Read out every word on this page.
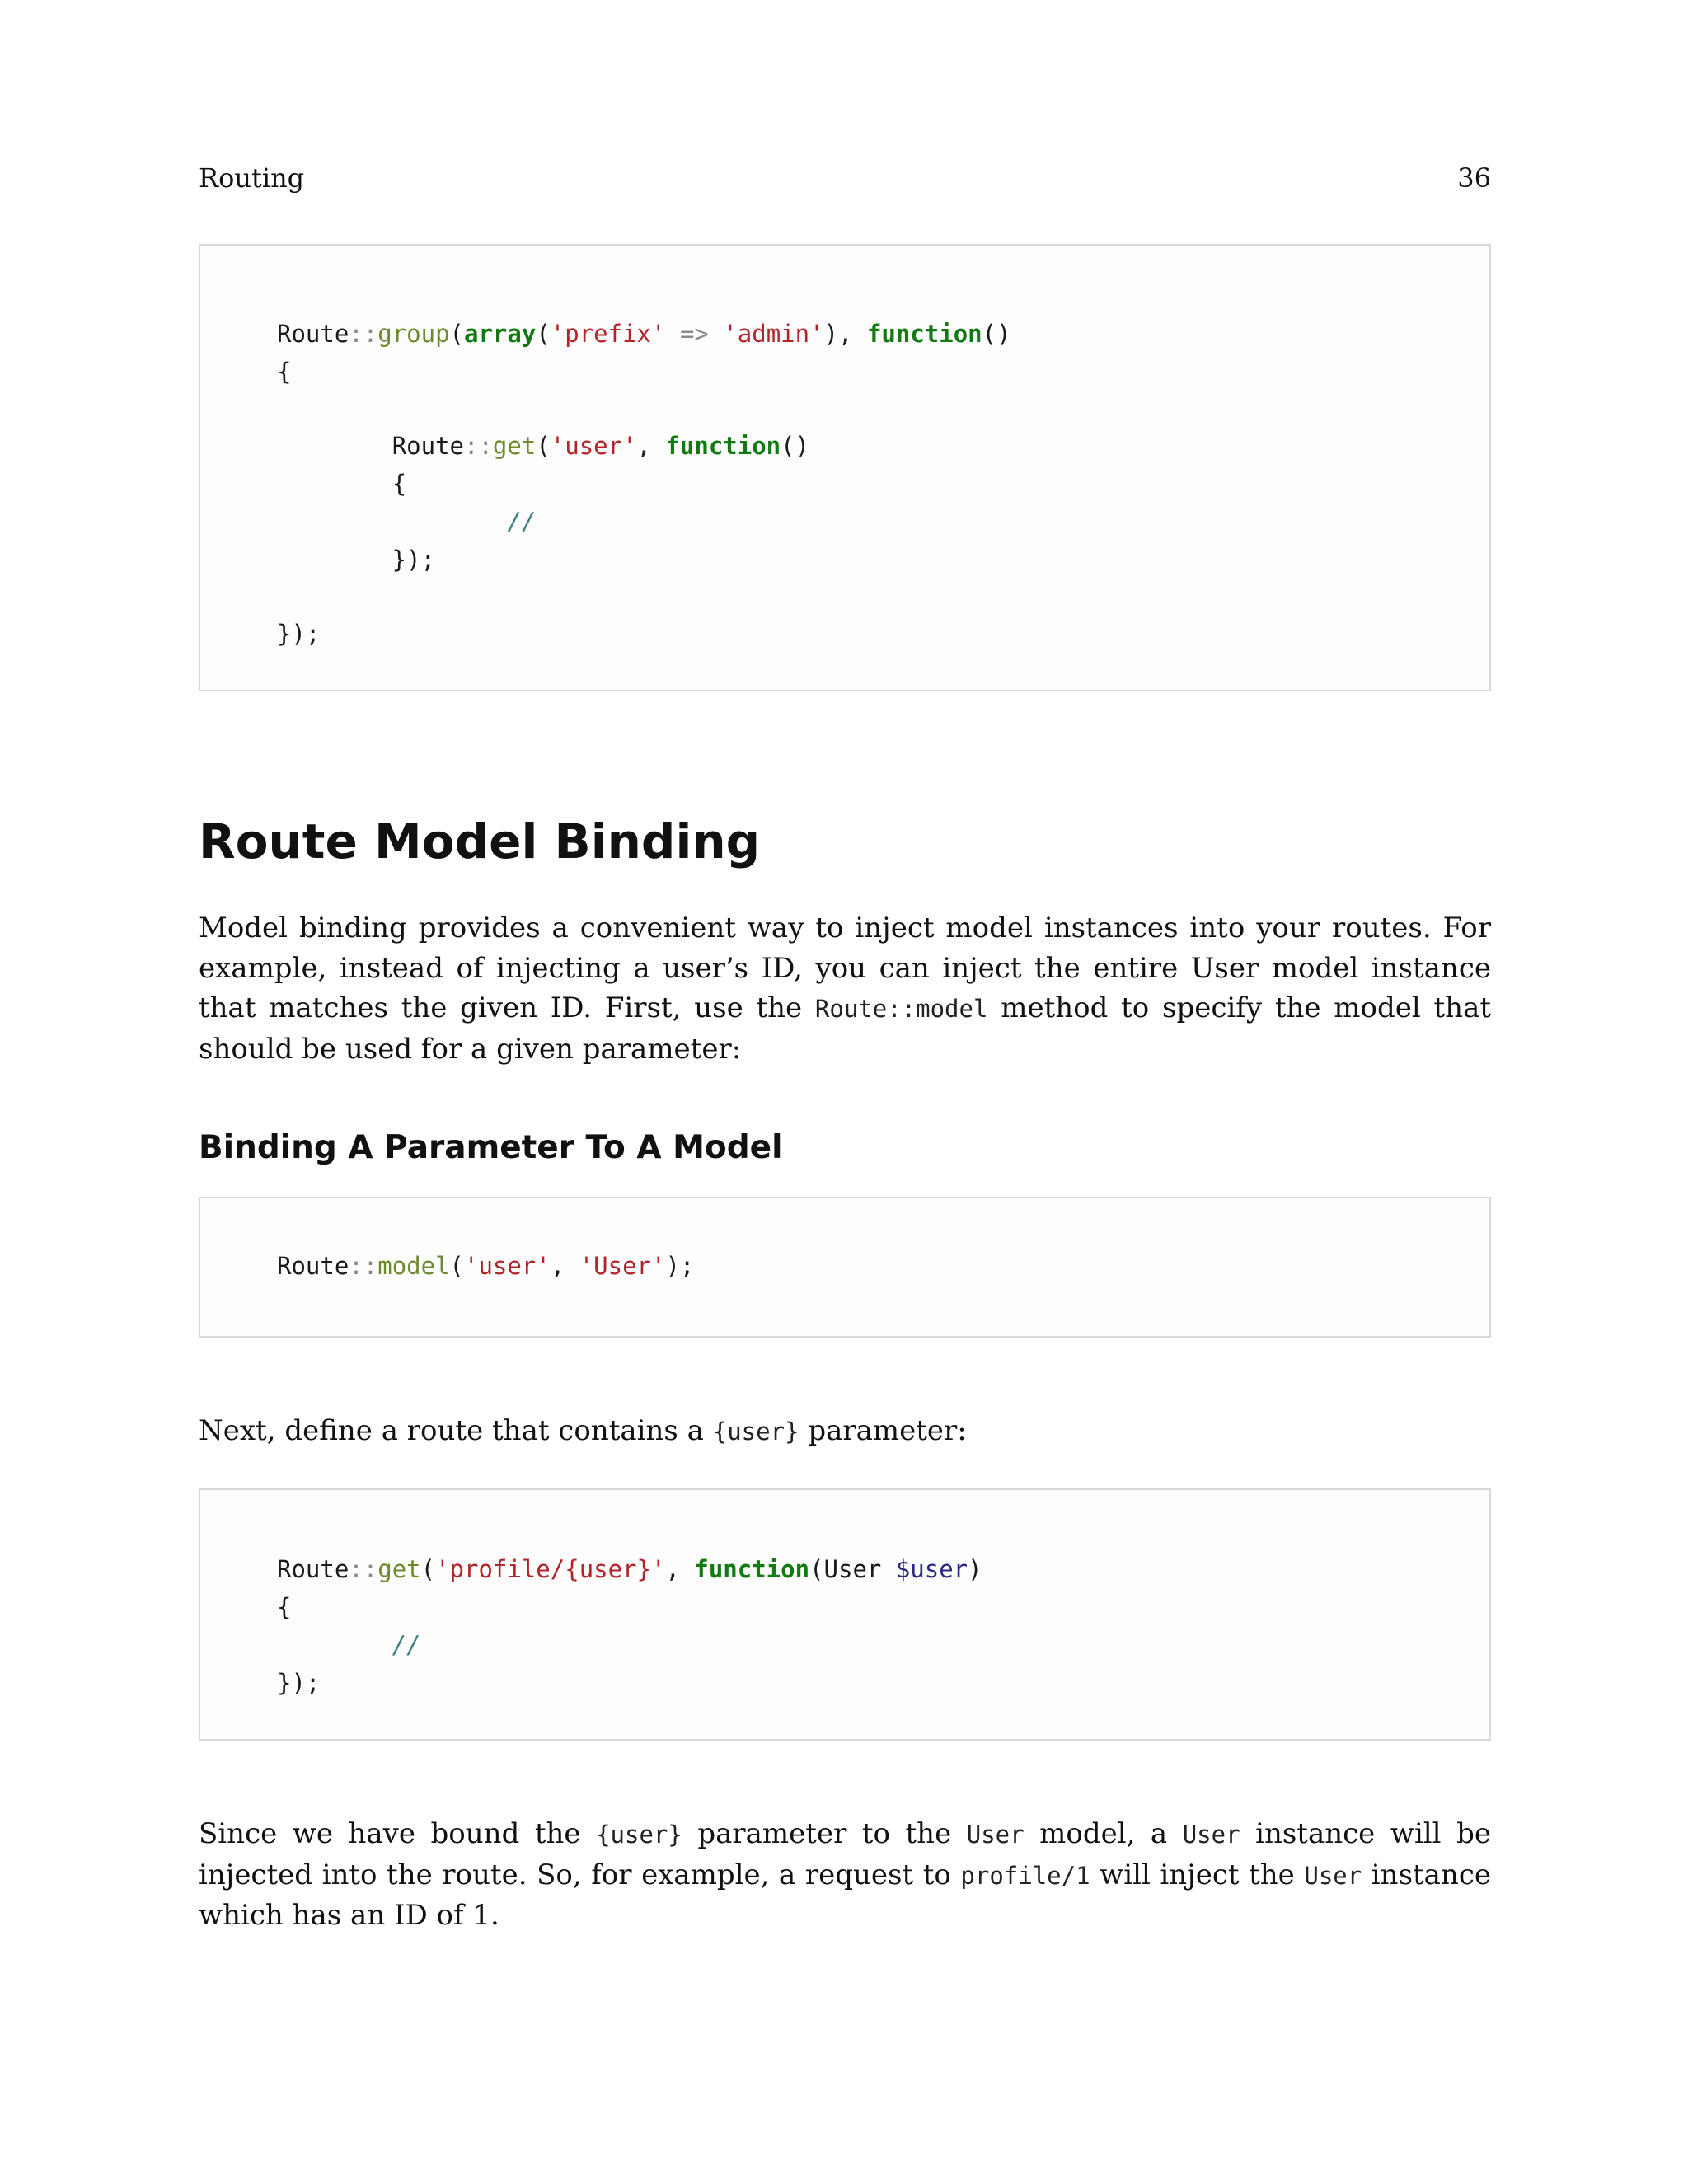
Routing	36
Route::group(array('prefix' => 'admin'), function()
{
Route::get('user', function()
{
//
});
});
Route Model Binding

Model binding provides a convenient way to inject model instances into your routes. For example, instead of injecting a user’s ID, you can inject the entire User model instance that matches the given ID. First, use the Route::model method to specify the model that should be used for a given parameter:

Binding A Parameter To A Model
Route::model('user', 'User');

Next, define a route that contains a {user} parameter:

Route::get('profile/{user}', function(User $user)
{
//
});

Since we have bound the {user} parameter to the User model, a User instance will be injected into the route. So, for example, a request to profile/1 will inject the User instance which has an ID of 1.
